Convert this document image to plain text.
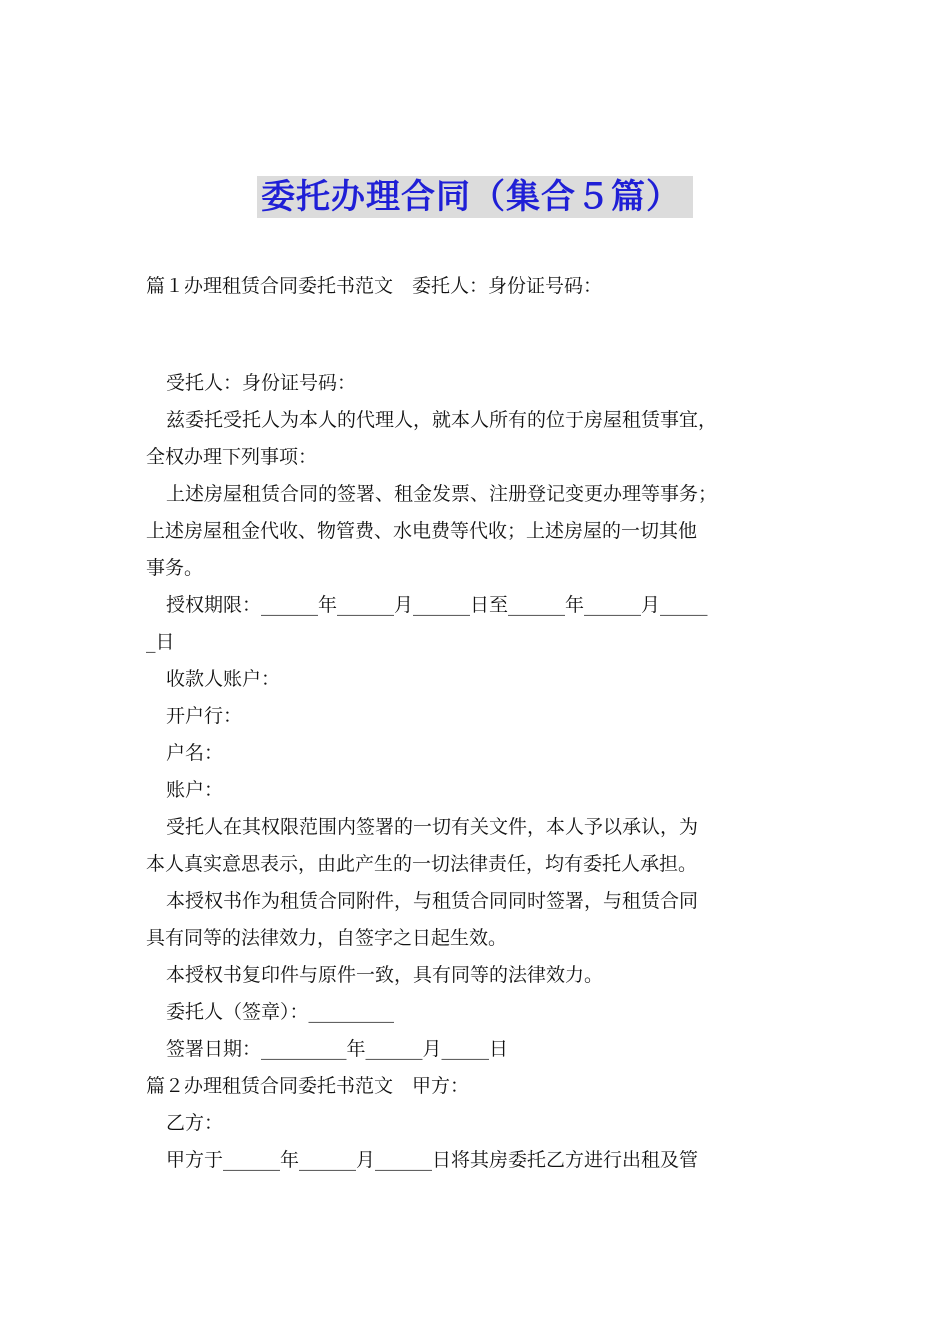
委托办理合同（集合５篇）
篇１办理租赁合同委托书范文　委托人：身份证号码：
受托人：身份证号码：
兹委托受托人为本人的代理人，就本人所有的位于房屋租赁事宜，
全权办理下列事项：
上述房屋租赁合同的签署、租金发票、注册登记变更办理等事务；
上述房屋租金代收、物管费、水电费等代收；上述房屋的一切其他
事务。
授权期限：______年______月______日至______年______月_____
_日
收款人账户：
开户行：
户名：
账户：
受托人在其权限范围内签署的一切有关文件，本人予以承认，为
本人真实意思表示，由此产生的一切法律责任，均有委托人承担。
本授权书作为租赁合同附件，与租赁合同同时签署，与租赁合同
具有同等的法律效力，自签字之日起生效。
本授权书复印件与原件一致，具有同等的法律效力。
委托人（签章）：_________
签署日期：_________年______月_____日
篇２办理租赁合同委托书范文　甲方：
乙方：
甲方于______年______月______日将其房委托乙方进行出租及管
